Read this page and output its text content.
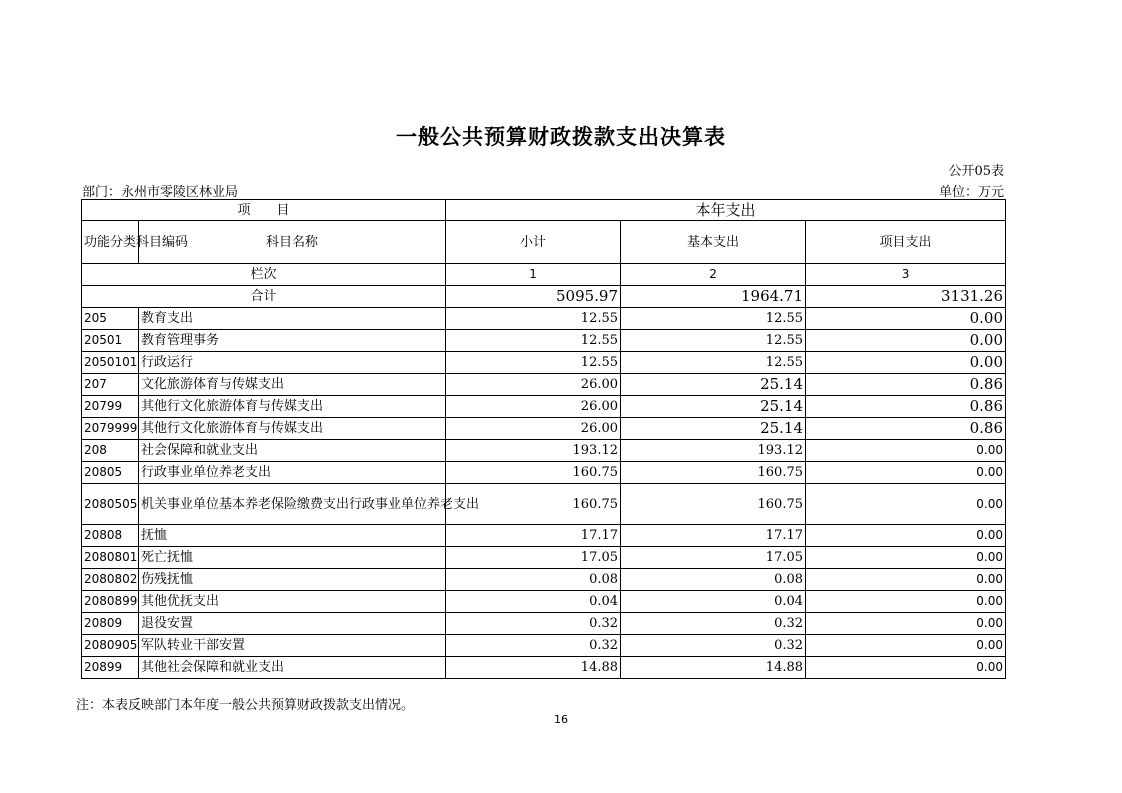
一般公共预算财政拨款支出决算表
公开05表
部门：永州市零陵区林业局	单位：万元
项　　目		本年支出		
功能分类科目编码	科目名称	小计	基本支出	项目支出
栏次		1	2	3
合计		5095.97	1964.71	3131.26
205	教育支出	12.55	12.55	0.00
20501	教育管理事务	12.55	12.55	0.00
2050101	行政运行	12.55	12.55	0.00
207	文化旅游体育与传媒支出	26.00	25.14	0.86
20799	其他行文化旅游体育与传媒支出	26.00	25.14	0.86
2079999	其他行文化旅游体育与传媒支出	26.00	25.14	0.86
208	社会保障和就业支出	193.12	193.12	0.00
20805	行政事业单位养老支出	160.75	160.75	0.00
2080505	机关事业单位基本养老保险缴费支出行政事业单位养老支出	160.75	160.75	0.00
20808	抚恤	17.17	17.17	0.00
2080801	死亡抚恤	17.05	17.05	0.00
2080802	伤残抚恤	0.08	0.08	0.00
2080899	其他优抚支出	0.04	0.04	0.00
20809	退役安置	0.32	0.32	0.00
2080905	军队转业干部安置	0.32	0.32	0.00
20899	其他社会保障和就业支出	14.88	14.88	0.00
注：本表反映部门本年度一般公共预算财政拨款支出情况。
16
